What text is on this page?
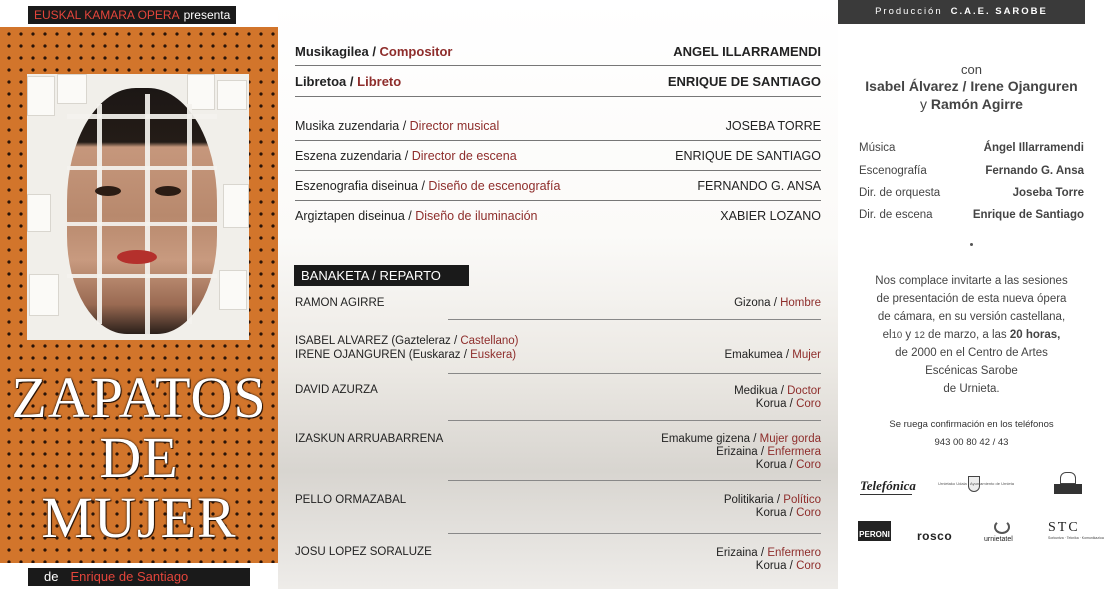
EUSKAL KAMARA OPERA presenta
ZAPATOS
DE MUJER
de Enrique de Santiago
Musikagilea / Compositor	ANGEL ILLARRAMENDI
Libretoa / Libreto	ENRIQUE DE SANTIAGO
Musika zuzendaria / Director musical	JOSEBA TORRE
Eszena zuzendaria / Director de escena	ENRIQUE DE SANTIAGO
Eszenografia diseinua / Diseño de escenografía	FERNANDO G. ANSA
Argiztapen diseinua / Diseño de iluminación	XABIER LOZANO
BANAKETA / REPARTO
RAMON AGIRRE	Gizona / Hombre
ISABEL ALVAREZ (Gazteleraz / Castellano)
IRENE OJANGUREN (Euskaraz / Euskera)	Emakumea / Mujer
DAVID AZURZA	Medikua / Doctor
Korua / Coro
IZASKUN ARRUABARRENA	Emakume gizena / Mujer gorda
Erizaina / Enfermera
Korua / Coro
PELLO ORMAZABAL	Politikaria / Político
Korua / Coro
JOSU LOPEZ SORALUZE	Erizaina / Enfermero
Korua / Coro
Producción C.A.E. SAROBE
con
Isabel Álvarez / Irene Ojanguren
y Ramón Agirre
Música	Ángel Illarramendi
Escenografía	Fernando G. Ansa
Dir. de orquesta	Joseba Torre
Dir. de escena	Enrique de Santiago
Nos complace invitarte a las sesiones
de presentación de esta nueva ópera
de cámara, en su versión castellana,
el10 y 12 de marzo, a las 20 horas,
de 2000 en el Centro de Artes
Escénicas Sarobe
de Urnieta.
Se ruega confirmación en los teléfonos
943 00 80 42 / 43
Telefónica	Urnietako Udala · Ayuntamiento de Urnieta
PERONI rosco	urnietatel
STC
Sorkuntza · Teknika · Komunikazioa
